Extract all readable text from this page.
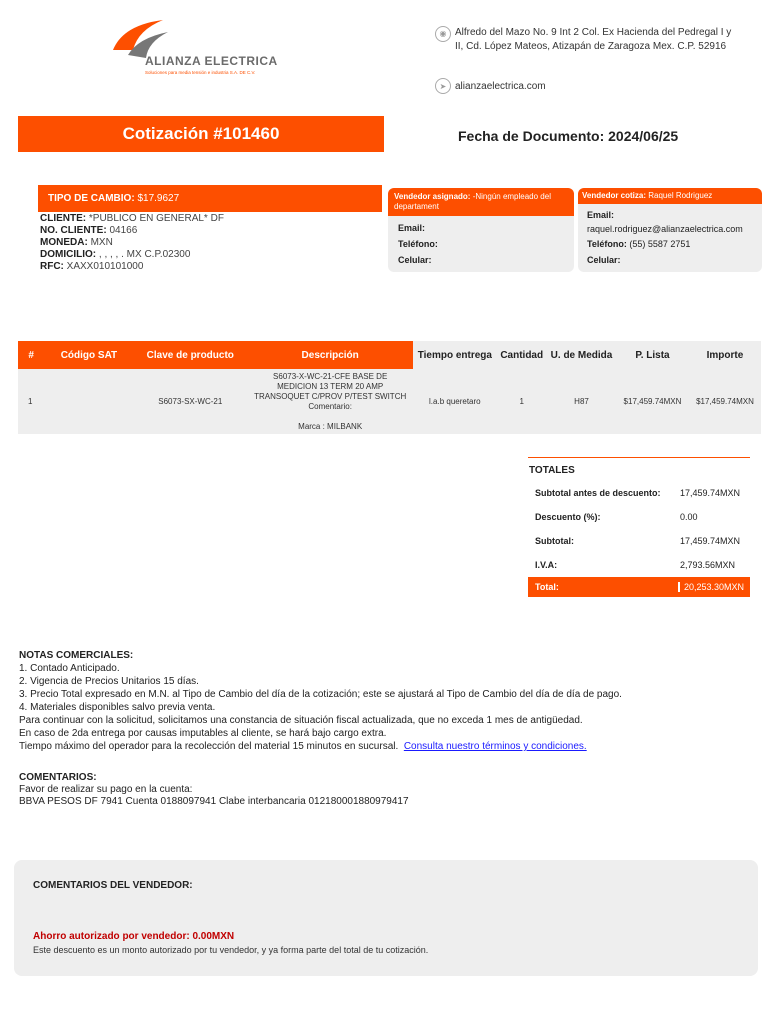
ALIANZA ELECTRICA
Soluciones para media tensión e industria S.A. DE C.V.
◉ Alfredo del Mazo No. 9 Int 2 Col. Ex Hacienda del Pedregal I y II, Cd. López Mateos, Atizapán de Zaragoza Mex. C.P. 52916
➤ alianzaelectrica.com
Cotización #101460	Fecha de Documento: 2024/06/25
TIPO DE CAMBIO:
$17.9627
CLIENTE: *PUBLICO EN GENERAL* DF
NO. CLIENTE: 04166
MONEDA: MXN
DOMICILIO: , , , , . MX C.P.02300
RFC: XAXX010101000
Vendedor asignado: -Ningún empleado del departament
Email:
Teléfono:
Celular:
Vendedor cotiza: Raquel Rodriguez
Email:
raquel.rodriguez@alianzaelectrica.com
Teléfono: (55) 5587 2751
Celular:
#	Código SAT	Clave de producto	Descripción	Tiempo entrega	Cantidad	U. de Medida	P. Lista	Importe
1		S6073-SX-WC-21	S6073-X-WC-21-CFE BASE DE MEDICION 13 TERM 20 AMP TRANSOQUET C/PROV P/TEST SWITCH
Comentario:
Marca : MILBANK	l.a.b queretaro	1	H87	$17,459.74MXN	$17,459.74MXN
TOTALES
Subtotal antes de descuento:	17,459.74MXN
Descuento (%):	0.00
Subtotal:	17,459.74MXN
I.V.A:	2,793.56MXN
Total:	20,253.30MXN
NOTAS COMERCIALES:
1. Contado Anticipado.
2. Vigencia de Precios Unitarios 15 días.
3. Precio Total expresado en M.N. al Tipo de Cambio del día de la cotización; este se ajustará al Tipo de Cambio del día de día de pago.
4. Materiales disponibles salvo previa venta.
Para continuar con la solicitud, solicitamos una constancia de situación fiscal actualizada, que no exceda 1 mes de antigüedad.
En caso de 2da entrega por causas imputables al cliente, se hará bajo cargo extra.
Tiempo máximo del operador para la recolección del material 15 minutos en sucursal. Consulta nuestro términos y condiciones.
COMENTARIOS:
Favor de realizar su pago en la cuenta:
BBVA PESOS DF 7941 Cuenta 0188097941 Clabe interbancaria 012180001880979417
COMENTARIOS DEL VENDEDOR:
Ahorro autorizado por vendedor: 0.00MXN
Este descuento es un monto autorizado por tu vendedor, y ya forma parte del total de tu cotización.
